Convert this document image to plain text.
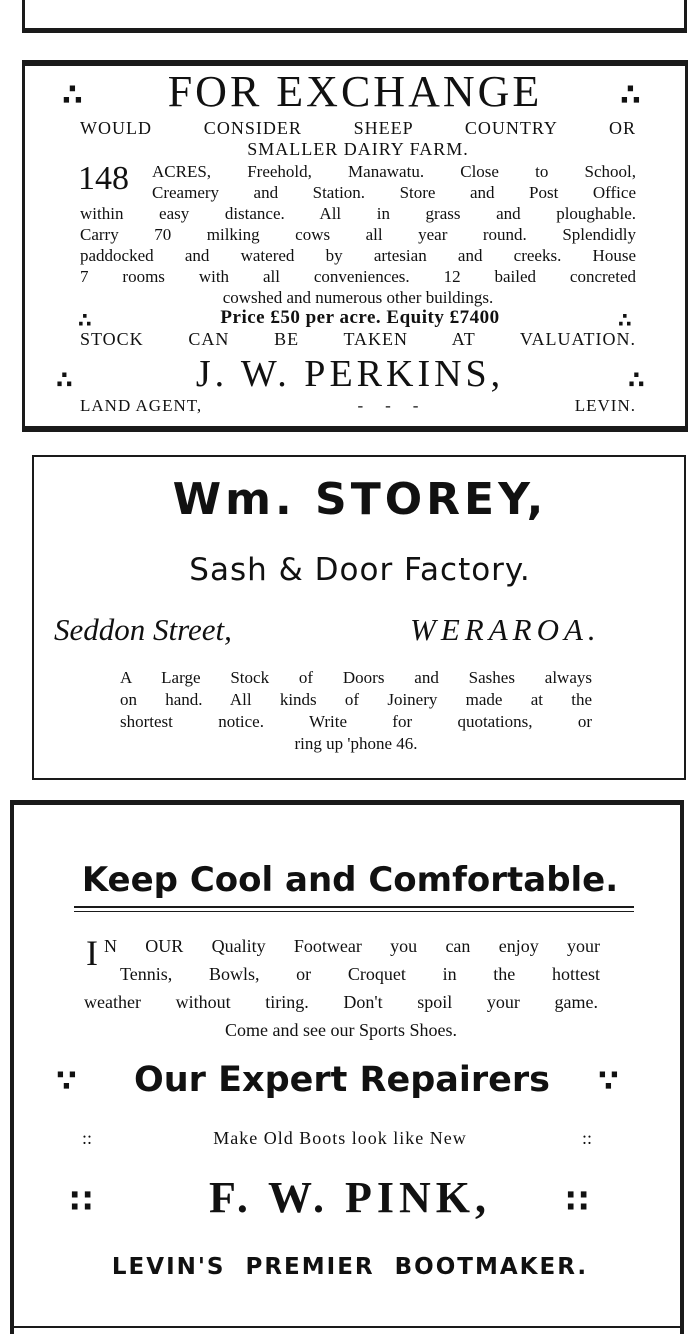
∴	FOR EXCHANGE	∴
WOULD CONSIDER SHEEP COUNTRY OR
SMALLER DAIRY FARM.
148 ACRES, Freehold, Manawatu. Close to School,
Creamery and Station. Store and Post Office
within easy distance. All in grass and ploughable.
Carry 70 milking cows all year round. Splendidly
paddocked and watered by artesian and creeks. House
7 rooms with all conveniences. 12 bailed concreted
cowshed and numerous other buildings.
∴	Price £50 per acre. Equity £7400	∴
STOCK CAN BE TAKEN AT VALUATION.
∴	J. W. PERKINS,	∴
LAND AGENT,	-    -    -	LEVIN.
Wm. STOREY,
Sash & Door Factory.
Seddon Street,	WERAROA.
A Large Stock of Doors and Sashes always
on hand. All kinds of Joinery made at the
shortest notice. Write for quotations, or
ring up 'phone 46.
Keep Cool and Comfortable.
I N OUR Quality Footwear you can enjoy your
Tennis, Bowls, or Croquet in the hottest
weather without tiring. Don't spoil your game.
Come and see our Sports Shoes.
∵	Our Expert Repairers	∵
::	Make Old Boots look like New	::
∷	F. W. PINK,	∷
LEVIN'S PREMIER BOOTMAKER.
